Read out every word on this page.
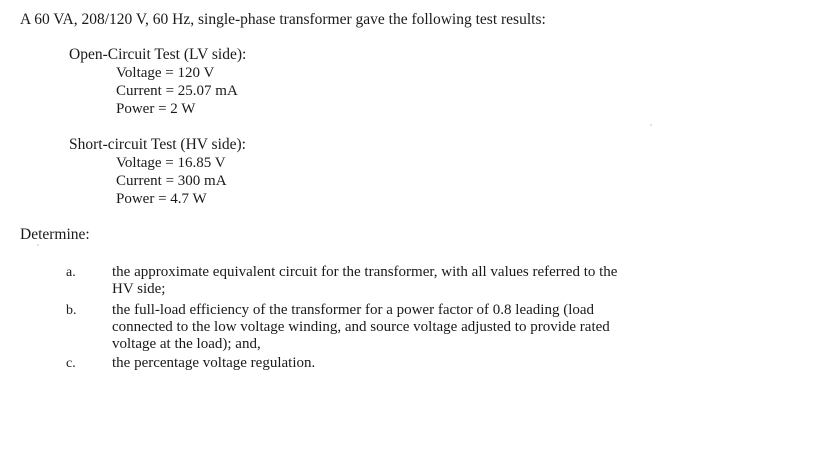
A 60 VA, 208/120 V, 60 Hz, single-phase transformer gave the following test results:
Open-Circuit Test (LV side):
Voltage = 120 V
Current = 25.07 mA
Power = 2 W
Short-circuit Test (HV side):
Voltage = 16.85 V
Current = 300 mA
Power = 4.7 W
Determine:
a.	the approximate equivalent circuit for the transformer, with all values referred to the HV side;
b.	the full-load efficiency of the transformer for a power factor of 0.8 leading (load connected to the low voltage winding, and source voltage adjusted to provide rated voltage at the load); and,
c.	the percentage voltage regulation.
